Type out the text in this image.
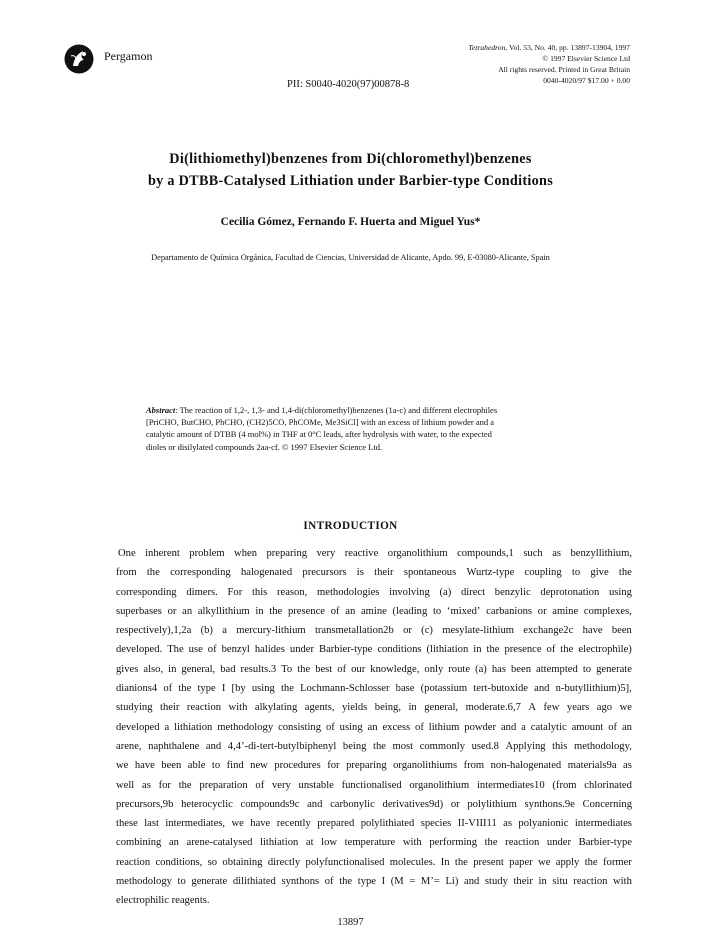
Pergamon
Tetrahedron, Vol. 53, No. 40, pp. 13897-13904, 1997
© 1997 Elsevier Science Ltd
All rights reserved. Printed in Great Britain
0040-4020/97 $17.00 + 0.00
PII: S0040-4020(97)00878-8
Di(lithiomethyl)benzenes from Di(chloromethyl)benzenes
by a DTBB-Catalysed Lithiation under Barbier-type Conditions
Cecilia Gómez, Fernando F. Huerta and Miguel Yus*
Departamento de Química Orgánica, Facultad de Ciencias, Universidad de Alicante, Apdo. 99, E-03080-Alicante, Spain
Abstract: The reaction of 1,2-, 1,3- and 1,4-di(chloromethyl)benzenes (1a-c) and different electrophiles
[PriCHO, ButCHO, PhCHO, (CH2)5CO, PhCOMe, Me3SiCl] with an excess of lithium powder and a
catalytic amount of DTBB (4 mol%) in THF at 0°C leads, after hydrolysis with water, to the expected
dioles or disilylated compounds 2aa-cf. © 1997 Elsevier Science Ltd.
INTRODUCTION
One inherent problem when preparing very reactive organolithium compounds,1 such as benzyllithium,
from the corresponding halogenated precursors is their spontaneous Wurtz-type coupling to give the
corresponding dimers. For this reason, methodologies involving (a) direct benzylic deprotonation using
superbases or an alkyllithium in the presence of an amine (leading to ‘mixed’ carbanions or amine complexes,
respectively),1,2a (b) a mercury-lithium transmetallation2b or (c) mesylate-lithium exchange2c have been
developed. The use of benzyl halides under Barbier-type conditions (lithiation in the presence of the electrophile)
gives also, in general, bad results.3 To the best of our knowledge, only route (a) has been attempted to generate
dianions4 of the type I [by using the Lochmann-Schlosser base (potassium tert-butoxide and n-butyllithium)5],
studying their reaction with alkylating agents, yields being, in general, moderate.6,7 A few years ago we
developed a lithiation methodology consisting of using an excess of lithium powder and a catalytic amount of an
arene, naphthalene and 4,4’-di-tert-butylbiphenyl being the most commonly used.8 Applying this methodology,
we have been able to find new procedures for preparing organolithiums from non-halogenated materials9a as
well as for the preparation of very unstable functionalised organolithium intermediates10 (from chlorinated
precursors,9b heterocyclic compounds9c and carbonylic derivatives9d) or polylithium synthons.9e Concerning
these last intermediates, we have recently prepared polylithiated species II-VIII11 as polyanionic intermediates
combining an arene-catalysed lithiation at low temperature with performing the reaction under Barbier-type
reaction conditions, so obtaining directly polyfunctionalised molecules. In the present paper we apply the former
methodology to generate dilithiated synthons of the type I (M = M’= Li) and study their in situ reaction with
electrophilic reagents.
13897
